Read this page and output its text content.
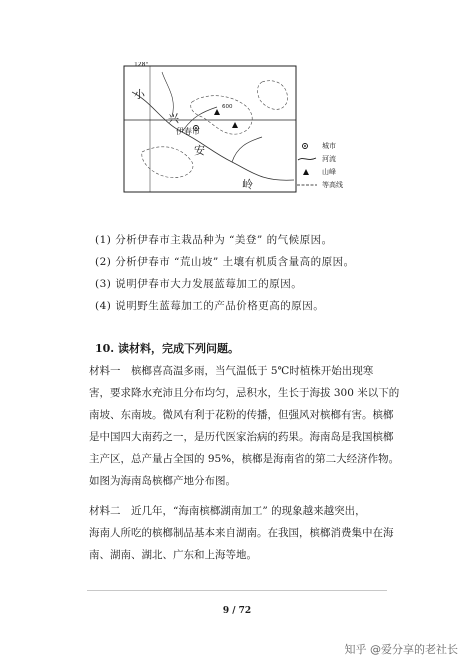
128°
小
兴
伊春市
安
岭
600
城市
河流
山峰
等高线
(1) 分析伊春市主栽品种为 “美登” 的气候原因。
(2) 分析伊春市 “荒山坡” 土壤有机质含量高的原因。
(3) 说明伊春市大力发展蓝莓加工的原因。
(4) 说明野生蓝莓加工的产品价格更高的原因。
10. 读材料，完成下列问题。
材料一　槟榔喜高温多雨，当气温低于 5℃时植株开始出现寒
害，要求降水充沛且分布均匀，忌积水，生长于海拔 300 米以下的
南坡、东南坡。微风有利于花粉的传播，但强风对槟榔有害。槟榔
是中国四大南药之一，是历代医家治病的药果。海南岛是我国槟榔
主产区，总产量占全国的 95%，槟榔是海南省的第二大经济作物。
如图为海南岛槟榔产地分布图。
材料二　近几年，“海南槟榔湖南加工” 的现象越来越突出，
海南人所吃的槟榔制品基本来自湖南。在我国，槟榔消费集中在海
南、湖南、湖北、广东和上海等地。
9 / 72
知乎 @爱分享的老社长
